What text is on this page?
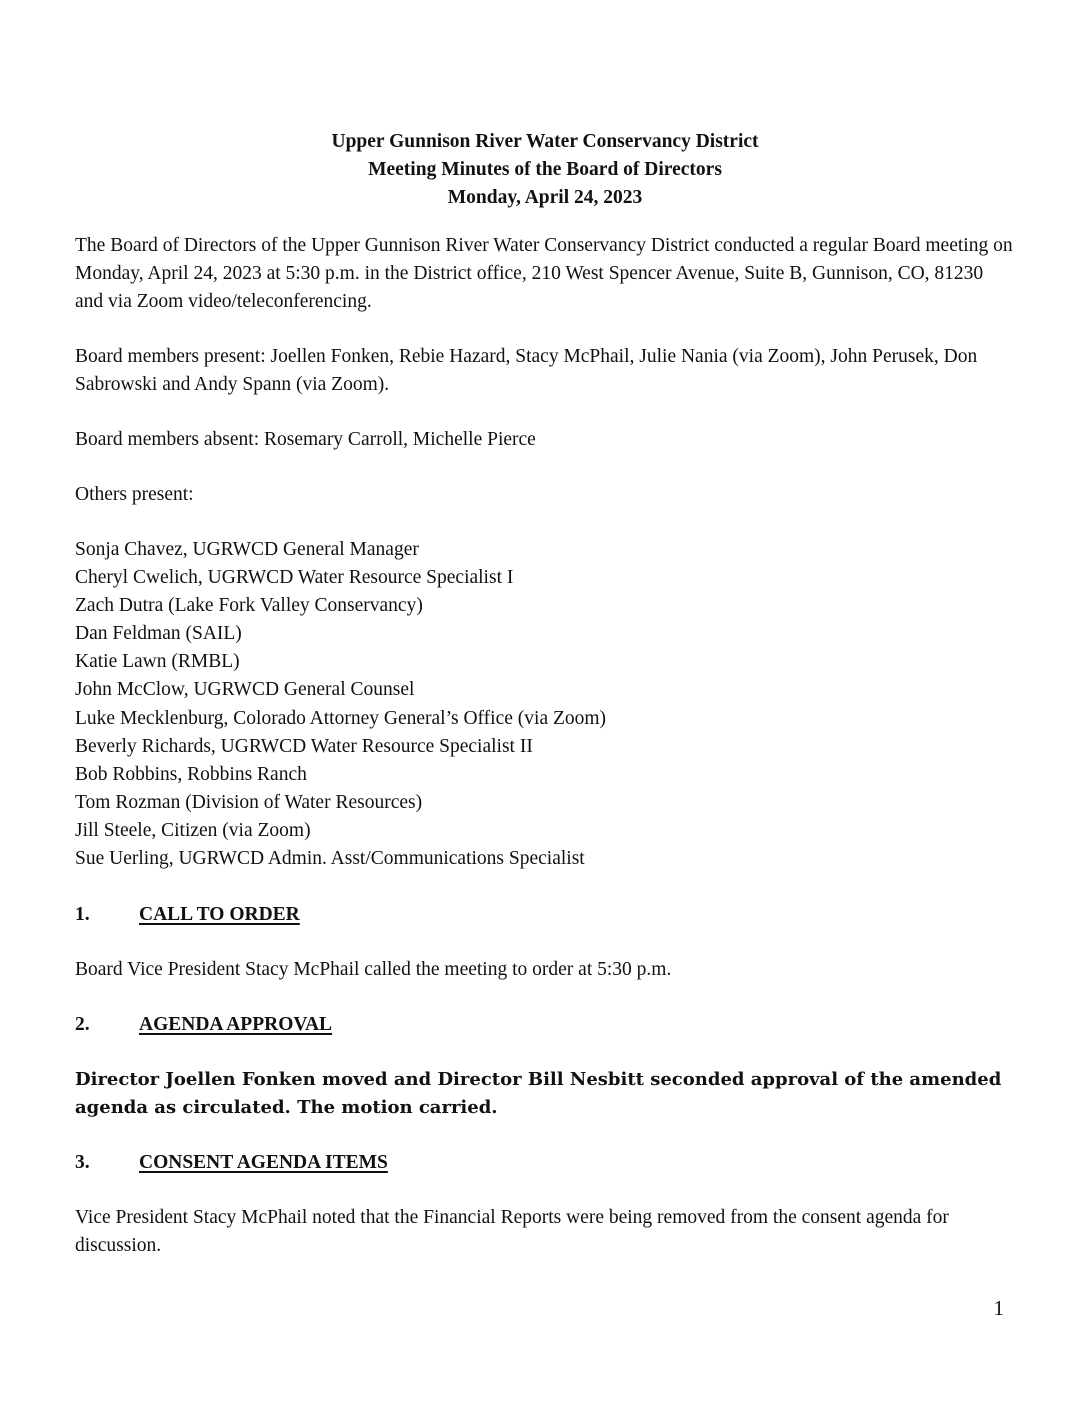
Upper Gunnison River Water Conservancy District
Meeting Minutes of the Board of Directors
Monday, April 24, 2023

The Board of Directors of the Upper Gunnison River Water Conservancy District conducted a regular Board meeting on Monday, April 24, 2023 at 5:30 p.m. in the District office, 210 West Spencer Avenue, Suite B, Gunnison, CO, 81230 and via Zoom video/teleconferencing.

Board members present: Joellen Fonken, Rebie Hazard, Stacy McPhail, Julie Nania (via Zoom), John Perusek, Don Sabrowski and Andy Spann (via Zoom).

Board members absent: Rosemary Carroll, Michelle Pierce

Others present:

Sonja Chavez, UGRWCD General Manager
Cheryl Cwelich, UGRWCD Water Resource Specialist I
Zach Dutra (Lake Fork Valley Conservancy)
Dan Feldman (SAIL)
Katie Lawn (RMBL)
John McClow, UGRWCD General Counsel
Luke Mecklenburg, Colorado Attorney General’s Office (via Zoom)
Beverly Richards, UGRWCD Water Resource Specialist II
Bob Robbins, Robbins Ranch
Tom Rozman (Division of Water Resources)
Jill Steele, Citizen (via Zoom)
Sue Uerling, UGRWCD Admin. Asst/Communications Specialist
1.	CALL TO ORDER

Board Vice President Stacy McPhail called the meeting to order at 5:30 p.m.

2.	AGENDA APPROVAL

Director Joellen Fonken moved and Director Bill Nesbitt seconded approval of the amended agenda as circulated. The motion carried.

3.	CONSENT AGENDA ITEMS

Vice President Stacy McPhail noted that the Financial Reports were being removed from the consent agenda for discussion.

1
